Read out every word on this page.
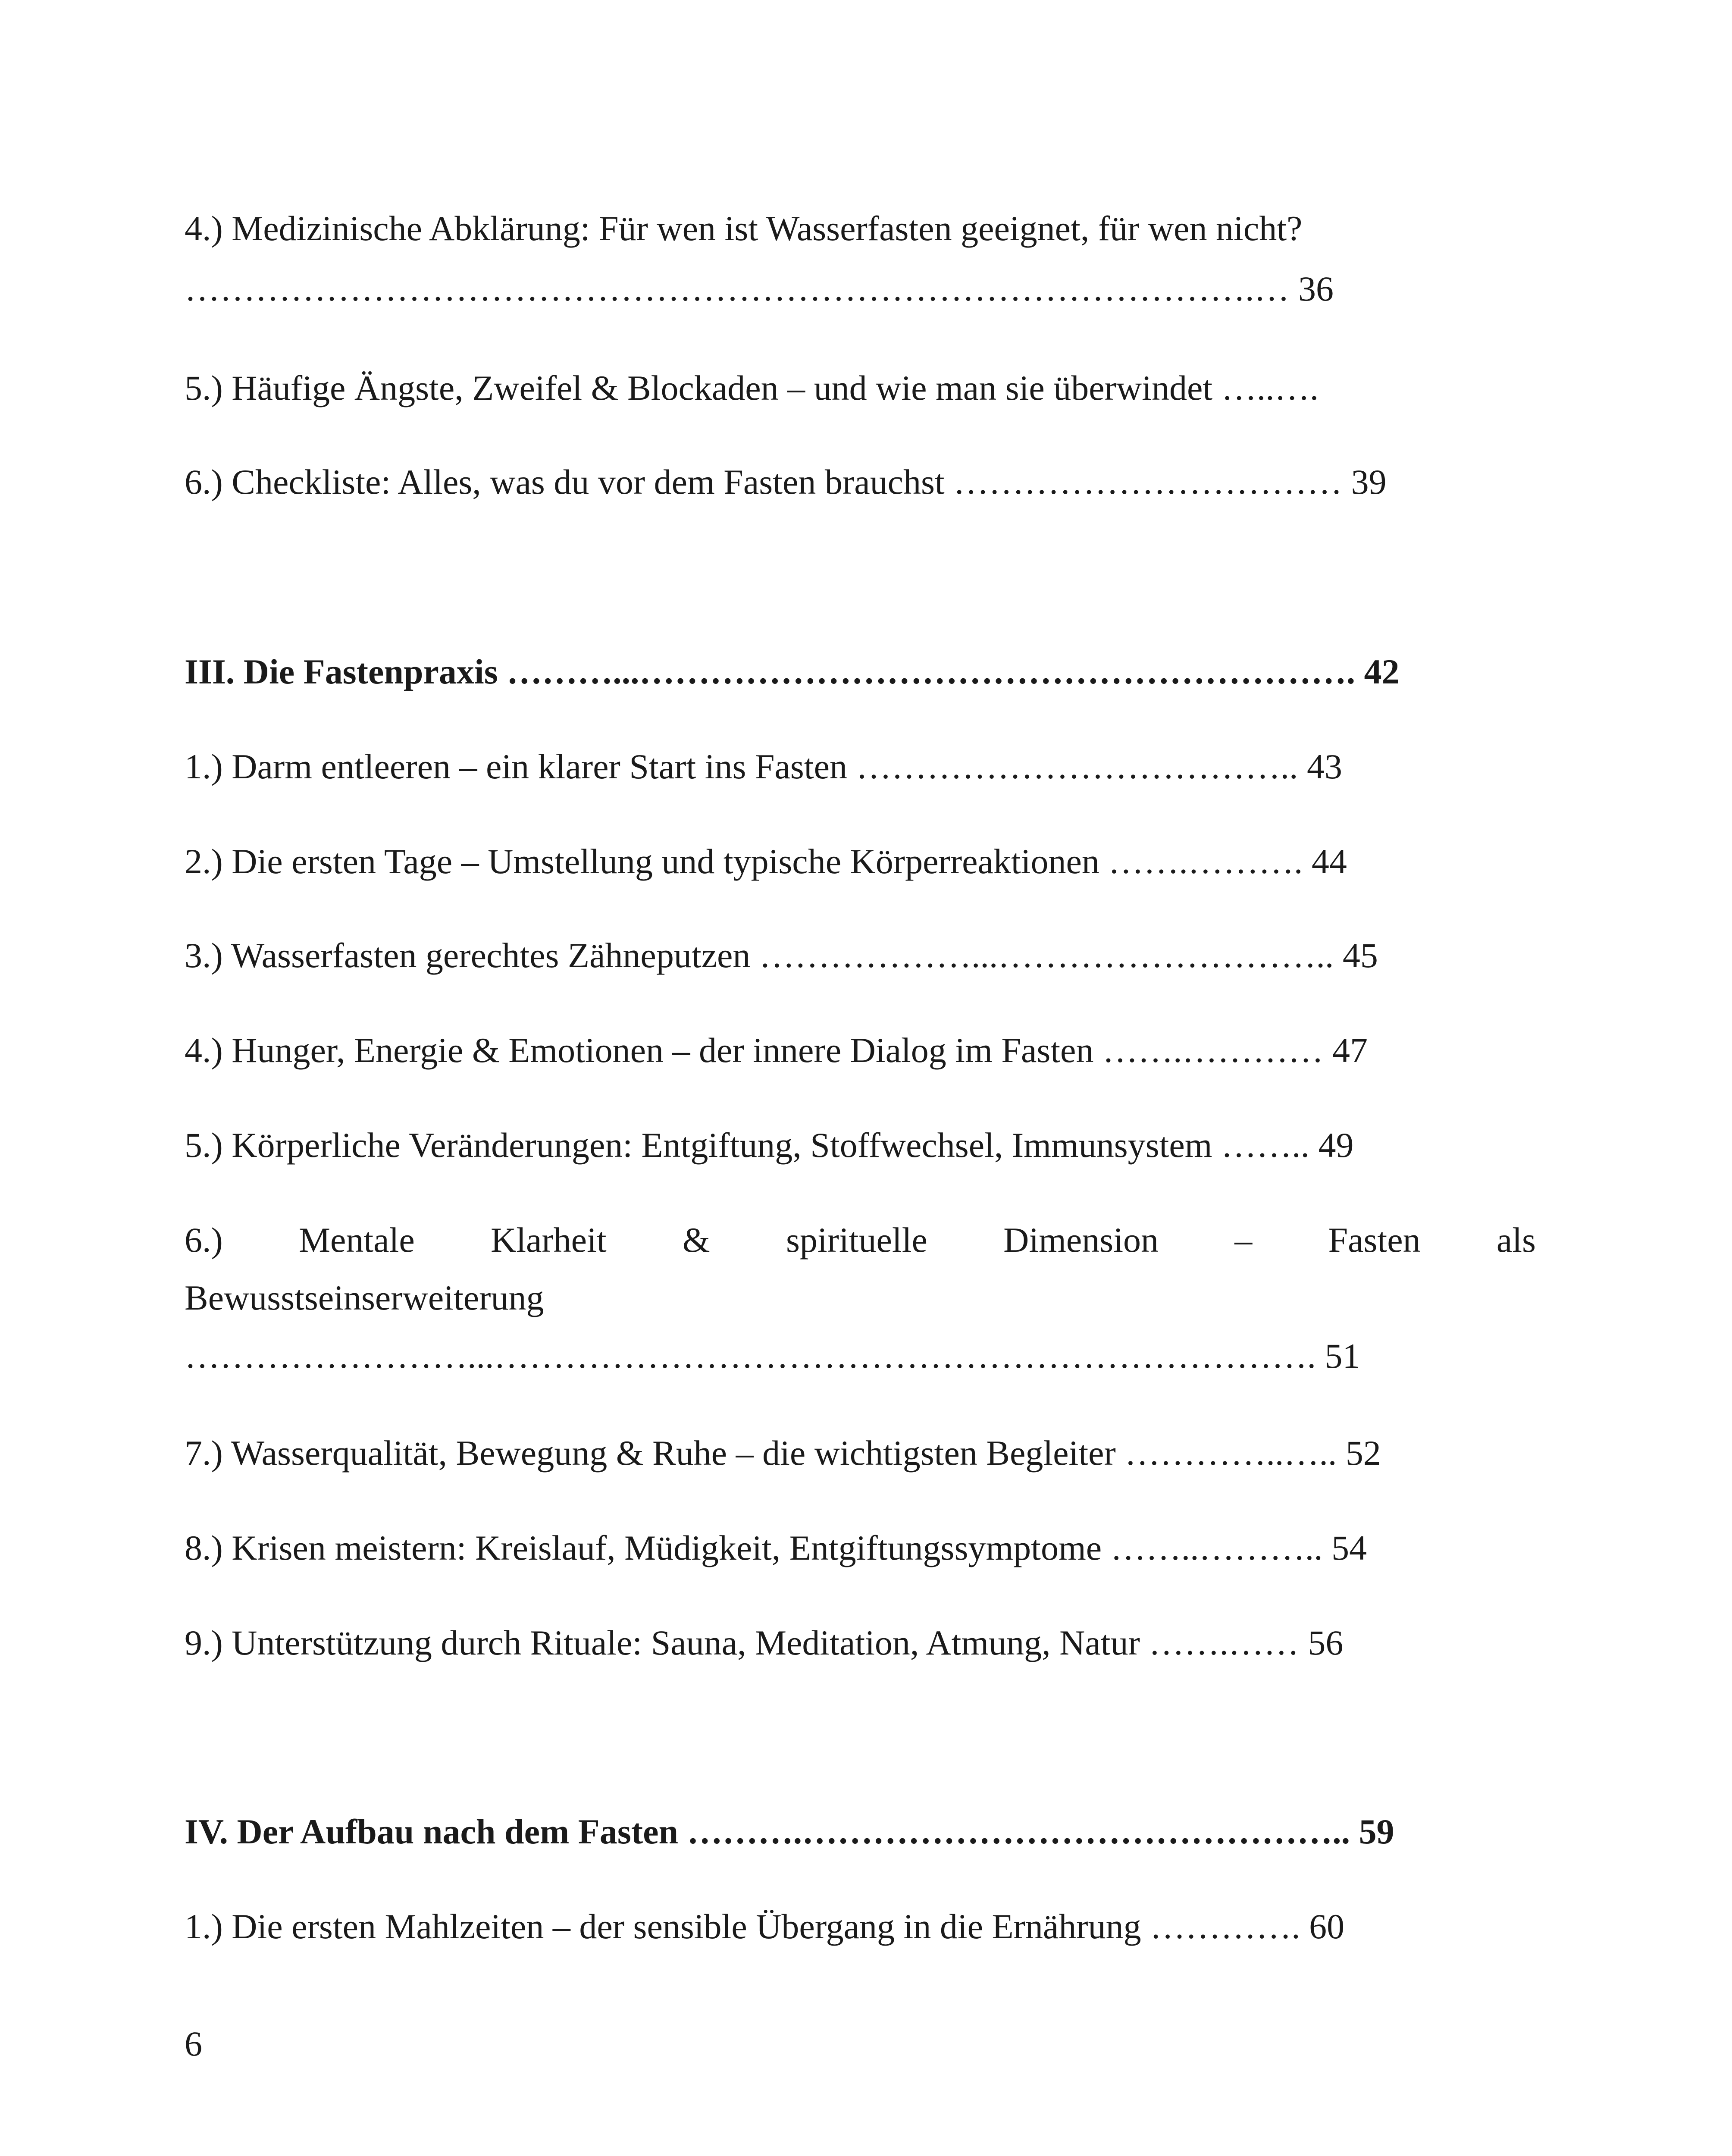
4.) Medizinische Abklärung: Für wen ist Wasserfasten geeignet, für wen nicht?
……………………………………………………………………………….… 36
5.) Häufige Ängste, Zweifel & Blockaden – und wie man sie überwindet …..….
6.) Checkliste: Alles, was du vor dem Fasten brauchst …………………………… 39
III. Die Fastenpraxis ………...……………………………………………………. 42
1.) Darm entleeren – ein klarer Start ins Fasten ……………………………….. 43
2.) Die ersten Tage – Umstellung und typische Körperreaktionen …….………. 44
3.) Wasserfasten gerechtes Zähneputzen ………………...……………………….. 45
4.) Hunger, Energie & Emotionen – der innere Dialog im Fasten …….………… 47
5.) Körperliche Veränderungen: Entgiftung, Stoffwechsel, Immunsystem …….. 49
6.) Mentale Klarheit & spirituelle Dimension – Fasten als
Bewusstseinserweiterung
……………………...……………………………………………………………. 51
7.) Wasserqualität, Bewegung & Ruhe – die wichtigsten Begleiter …………..….. 52
8.) Krisen meistern: Kreislauf, Müdigkeit, Entgiftungssymptome ……..……….. 54
9.) Unterstützung durch Rituale: Sauna, Meditation, Atmung, Natur …….…… 56
IV. Der Aufbau nach dem Fasten ……….……………………………………….. 59
1.) Die ersten Mahlzeiten – der sensible Übergang in die Ernährung …………. 60
6
